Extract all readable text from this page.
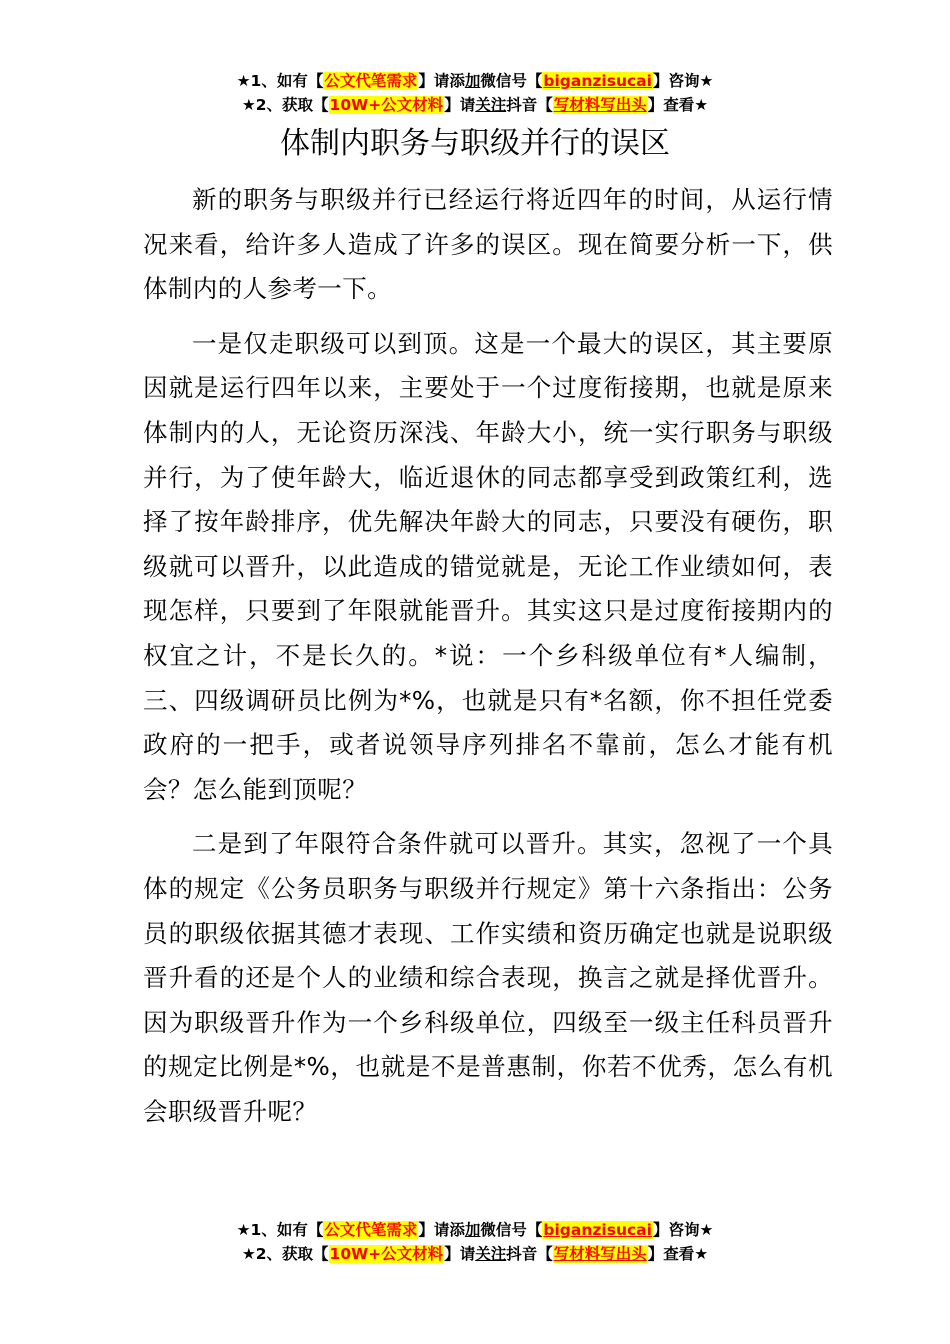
★1、如有【公文代笔需求】请添加微信号【biganzisucai】咨询★
★2、获取【10W+公文材料】请关注抖音【写材料写出头】查看★
体制内职务与职级并行的误区

新的职务与职级并行已经运行将近四年的时间，从运行情况来看，给许多人造成了许多的误区。现在简要分析一下，供体制内的人参考一下。

一是仅走职级可以到顶。这是一个最大的误区，其主要原因就是运行四年以来，主要处于一个过度衔接期，也就是原来体制内的人，无论资历深浅、年龄大小，统一实行职务与职级并行，为了使年龄大，临近退休的同志都享受到政策红利，选择了按年龄排序，优先解决年龄大的同志，只要没有硬伤，职级就可以晋升，以此造成的错觉就是，无论工作业绩如何，表现怎样，只要到了年限就能晋升。其实这只是过度衔接期内的权宜之计，不是长久的。*说：一个乡科级单位有*人编制，三、四级调研员比例为*%，也就是只有*名额，你不担任党委政府的一把手，或者说领导序列排名不靠前，怎么才能有机会？怎么能到顶呢？

二是到了年限符合条件就可以晋升。其实，忽视了一个具体的规定《公务员职务与职级并行规定》第十六条指出：公务员的职级依据其德才表现、工作实绩和资历确定也就是说职级晋升看的还是个人的业绩和综合表现，换言之就是择优晋升。因为职级晋升作为一个乡科级单位，四级至一级主任科员晋升的规定比例是*%，也就是不是普惠制，你若不优秀，怎么有机会职级晋升呢？

★1、如有【公文代笔需求】请添加微信号【biganzisucai】咨询★
★2、获取【10W+公文材料】请关注抖音【写材料写出头】查看★
